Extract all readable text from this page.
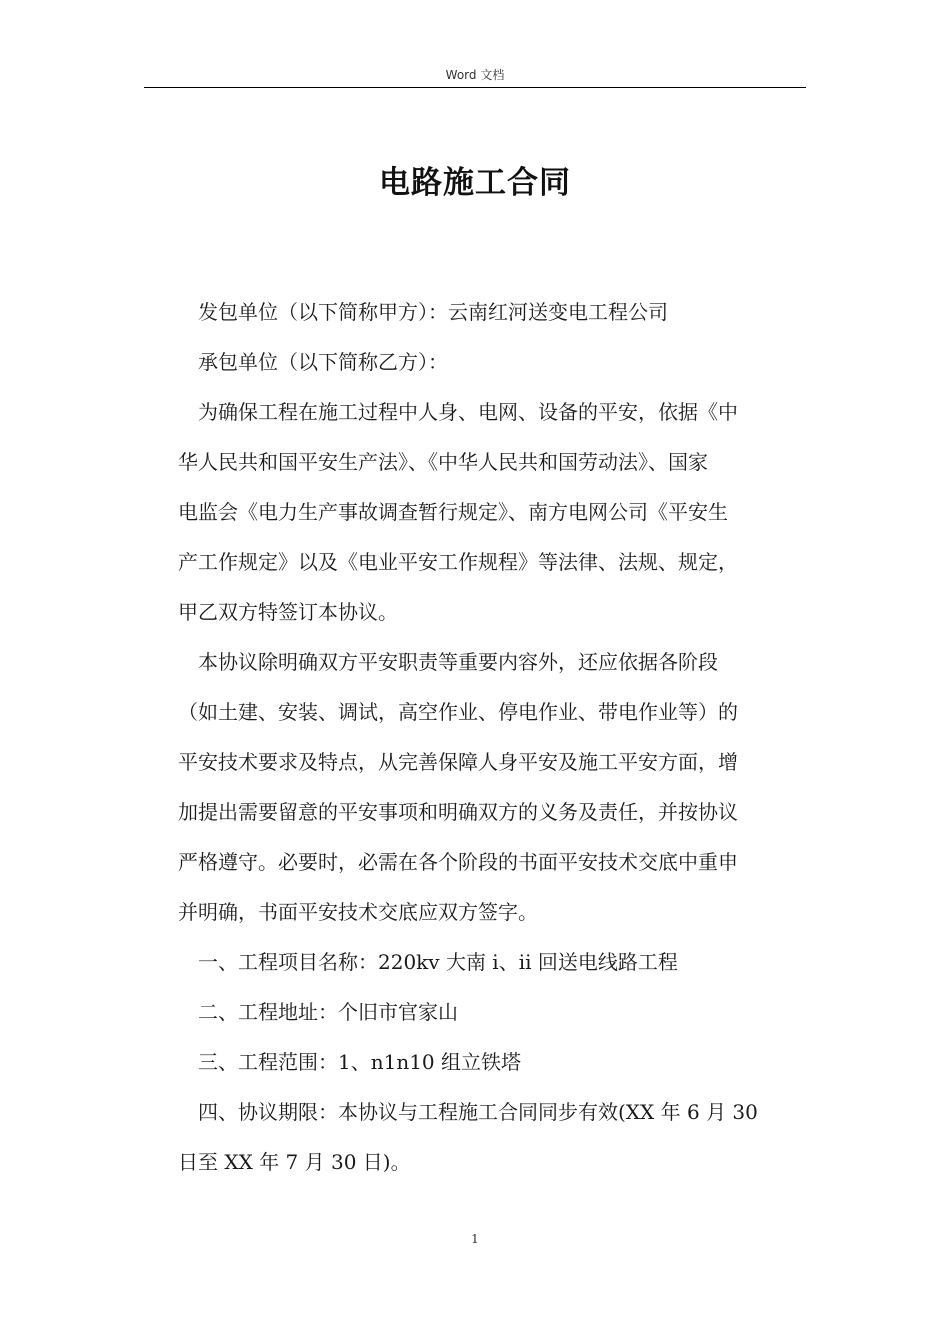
Word 文档
电路施工合同
发包单位（以下简称甲方）：云南红河送变电工程公司
承包单位（以下简称乙方）：
为确保工程在施工过程中人身、电网、设备的平安，依据《中
华人民共和国平安生产法》、《中华人民共和国劳动法》、国家
电监会《电力生产事故调查暂行规定》、南方电网公司《平安生
产工作规定》以及《电业平安工作规程》等法律、法规、规定，
甲乙双方特签订本协议。
本协议除明确双方平安职责等重要内容外，还应依据各阶段
（如土建、安装、调试，高空作业、停电作业、带电作业等）的
平安技术要求及特点，从完善保障人身平安及施工平安方面，增
加提出需要留意的平安事项和明确双方的义务及责任，并按协议
严格遵守。必要时，必需在各个阶段的书面平安技术交底中重申
并明确，书面平安技术交底应双方签字。
一、工程项目名称：220kv 大南 i、ii 回送电线路工程
二、工程地址：个旧市官家山
三、工程范围：1、n1n10 组立铁塔
四、协议期限：本协议与工程施工合同同步有效(XX 年 6 月 30
日至 XX 年 7 月 30 日)。
1
